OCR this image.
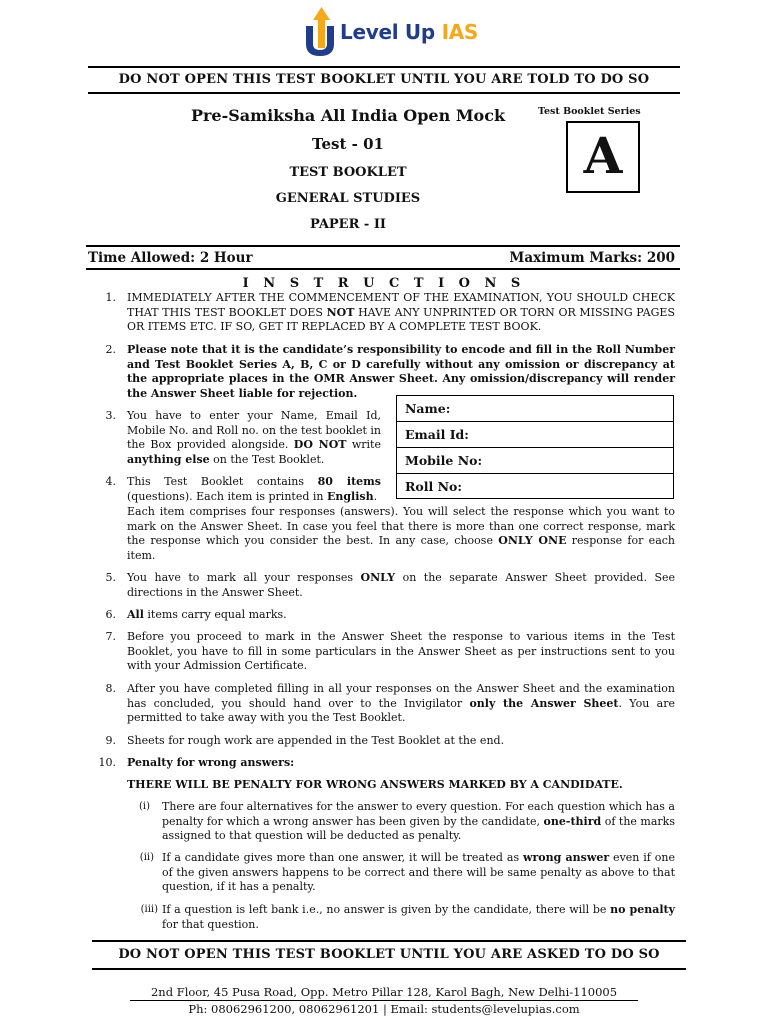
Level Up IAS
DO NOT OPEN THIS TEST BOOKLET UNTIL YOU ARE TOLD TO DO SO
Pre-Samiksha All India Open Mock
Test - 01
TEST BOOKLET
GENERAL STUDIES
PAPER - II
Test Booklet Series
A
Time Allowed: 2 Hour	Maximum Marks: 200
I N S T R U C T I O N S
1. IMMEDIATELY AFTER THE COMMENCEMENT OF THE EXAMINATION, YOU SHOULD CHECK THAT THIS TEST BOOKLET DOES NOT HAVE ANY UNPRINTED OR TORN OR MISSING PAGES OR ITEMS ETC. IF SO, GET IT REPLACED BY A COMPLETE TEST BOOK.
2. Please note that it is the candidate’s responsibility to encode and fill in the Roll Number and Test Booklet Series A, B, C or D carefully without any omission or discrepancy at the appropriate places in the OMR Answer Sheet. Any omission/discrepancy will render the Answer Sheet liable for rejection.
Name:
Email Id:
Mobile No:
Roll No:
3. You have to enter your Name, Email Id, Mobile No. and Roll no. on the test booklet in the Box provided alongside. DO NOT write anything else on the Test Booklet.
4. This Test Booklet contains 80 items (questions). Each item is printed in English.
Each item comprises four responses (answers). You will select the response which you want to mark on the Answer Sheet. In case you feel that there is more than one correct response, mark the response which you consider the best. In any case, choose ONLY ONE response for each item.
5. You have to mark all your responses ONLY on the separate Answer Sheet provided. See directions in the Answer Sheet.
6. All items carry equal marks.
7. Before you proceed to mark in the Answer Sheet the response to various items in the Test Booklet, you have to fill in some particulars in the Answer Sheet as per instructions sent to you with your Admission Certificate.
8. After you have completed filling in all your responses on the Answer Sheet and the examination has concluded, you should hand over to the Invigilator only the Answer Sheet. You are permitted to take away with you the Test Booklet.
9. Sheets for rough work are appended in the Test Booklet at the end.
10. Penalty for wrong answers:
THERE WILL BE PENALTY FOR WRONG ANSWERS MARKED BY A CANDIDATE.
(i) There are four alternatives for the answer to every question. For each question which has a penalty for which a wrong answer has been given by the candidate, one-third of the marks assigned to that question will be deducted as penalty.
(ii) If a candidate gives more than one answer, it will be treated as wrong answer even if one of the given answers happens to be correct and there will be same penalty as above to that question, if it has a penalty.
(iii) If a question is left bank i.e., no answer is given by the candidate, there will be no penalty for that question.
DO NOT OPEN THIS TEST BOOKLET UNTIL YOU ARE ASKED TO DO SO
2nd Floor, 45 Pusa Road, Opp. Metro Pillar 128, Karol Bagh, New Delhi-110005
Ph: 08062961200, 08062961201 | Email: students@levelupias.com
